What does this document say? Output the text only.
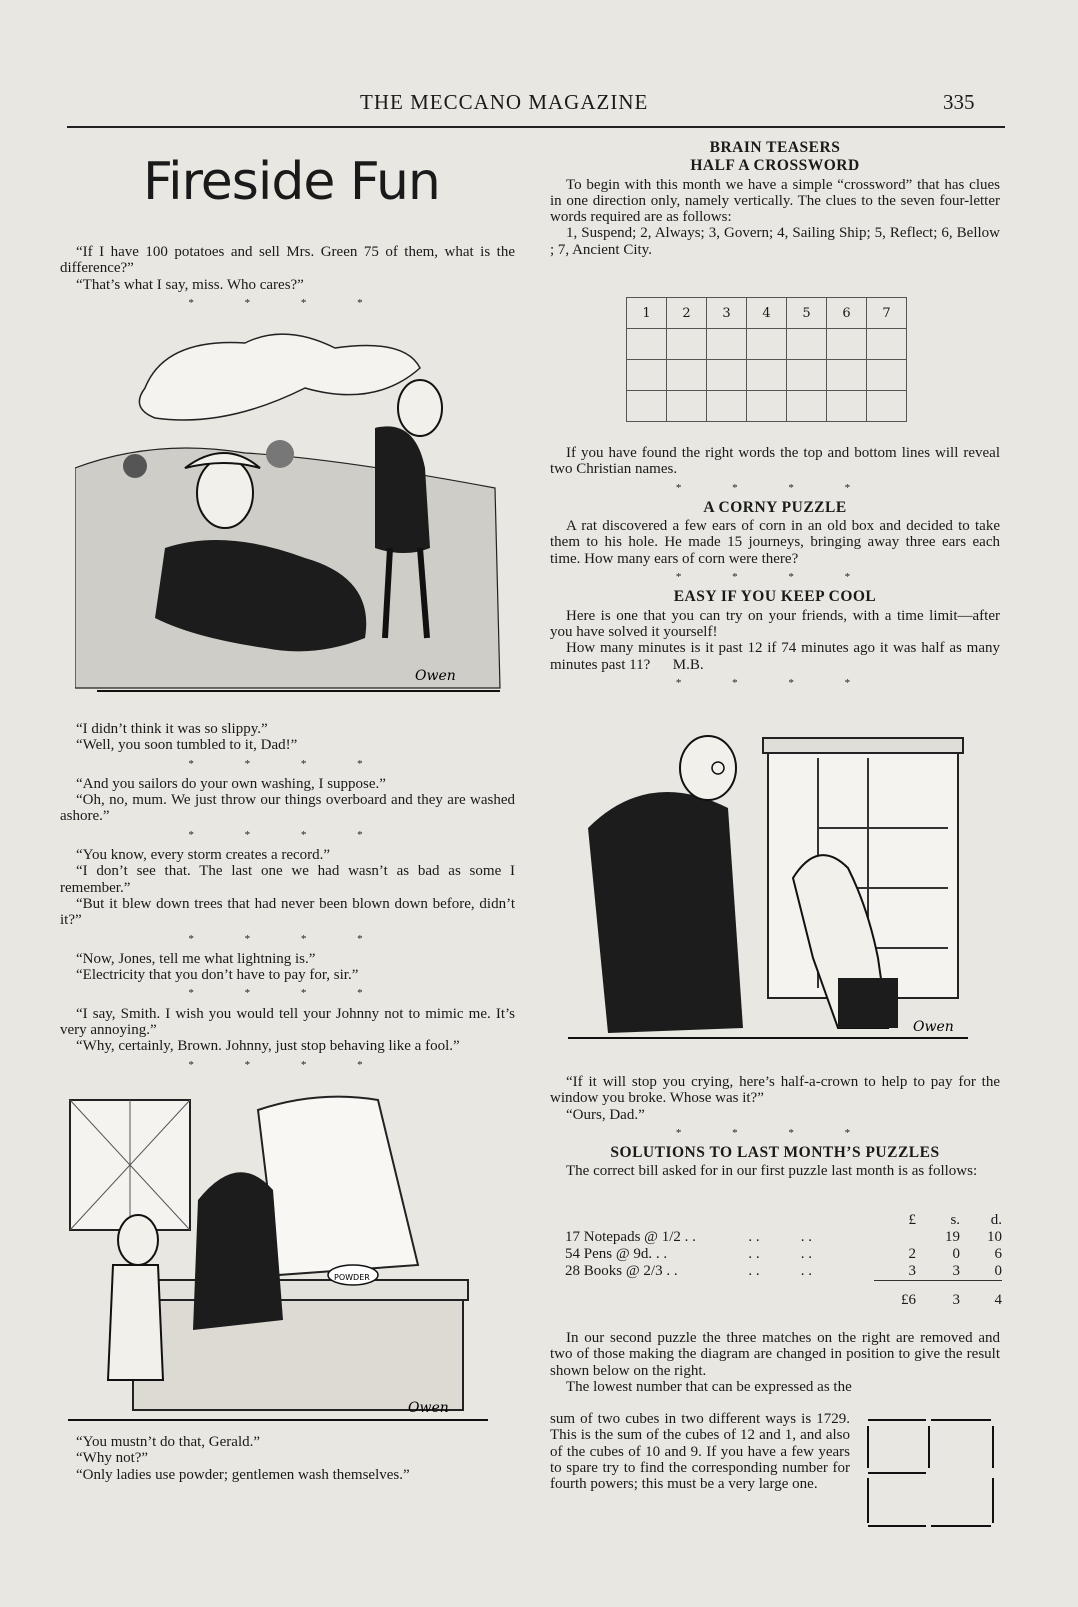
THE MECCANO MAGAZINE	335
Fireside Fun

“If I have 100 potatoes and sell Mrs. Green 75 of them, what is the difference?”

“That’s what I say, miss. Who cares?”

* * * *
Owen

“I didn’t think it was so slippy.”

“Well, you soon tumbled to it, Dad!”

* * * *

“And you sailors do your own washing, I suppose.”

“Oh, no, mum. We just throw our things overboard and they are washed ashore.”

* * * *

“You know, every storm creates a record.”

“I don’t see that. The last one we had wasn’t as bad as some I remember.”

“But it blew down trees that had never been blown down before, didn’t it?”

* * * *

“Now, Jones, tell me what lightning is.”

“Electricity that you don’t have to pay for, sir.”

* * * *

“I say, Smith. I wish you would tell your Johnny not to mimic me. It’s very annoying.”

“Why, certainly, Brown. Johnny, just stop behaving like a fool.”

* * * *
POWDER
Owen

“You mustn’t do that, Gerald.”

“Why not?”

“Only ladies use powder; gentlemen wash themselves.”

BRAIN TEASERS
HALF A CROSSWORD

To begin with this month we have a simple “crossword” that has clues in one direction only, namely vertically. The clues to the seven four-letter words required are as follows:

1, Suspend; 2, Always; 3, Govern; 4, Sailing Ship; 5, Reflect; 6, Bellow ; 7, Ancient City.

1	2	3	4	5	6	7

If you have found the right words the top and bottom lines will reveal two Christian names.

* * * *
A CORNY PUZZLE

A rat discovered a few ears of corn in an old box and decided to take them to his hole. He made 15 journeys, bringing away three ears each time. How many ears of corn were there?

* * * *
EASY IF YOU KEEP COOL

Here is one that you can try on your friends, with a time limit—after you have solved it yourself!

How many minutes is it past 12 if 74 minutes ago it was half as many minutes past 11? M.B.

* * * *
Owen

“If it will stop you crying, here’s half-a-crown to help to pay for the window you broke. Whose was it?”

“Ours, Dad.”

* * * *
SOLUTIONS TO LAST MONTH’S PUZZLES

The correct bill asked for in our first puzzle last month is as follows:

			£	s.	d.
17 Notepads @ 1/2 . .	. .	. .		19	10
54 Pens @ 9d. . .	. .	. .	2	0	6
28 Books @ 2/3 . .	. .	. .	3	3	0
			£6	3	4

In our second puzzle the three matches on the right are removed and two of those making the diagram are changed in position to give the result shown below on the right.

The lowest number that can be expressed as the

sum of two cubes in two different ways is 1729. This is the sum of the cubes of 12 and 1, and also of the cubes of 10 and 9. If you have a few years to spare try to find the corresponding number for fourth powers; this must be a very large one.
